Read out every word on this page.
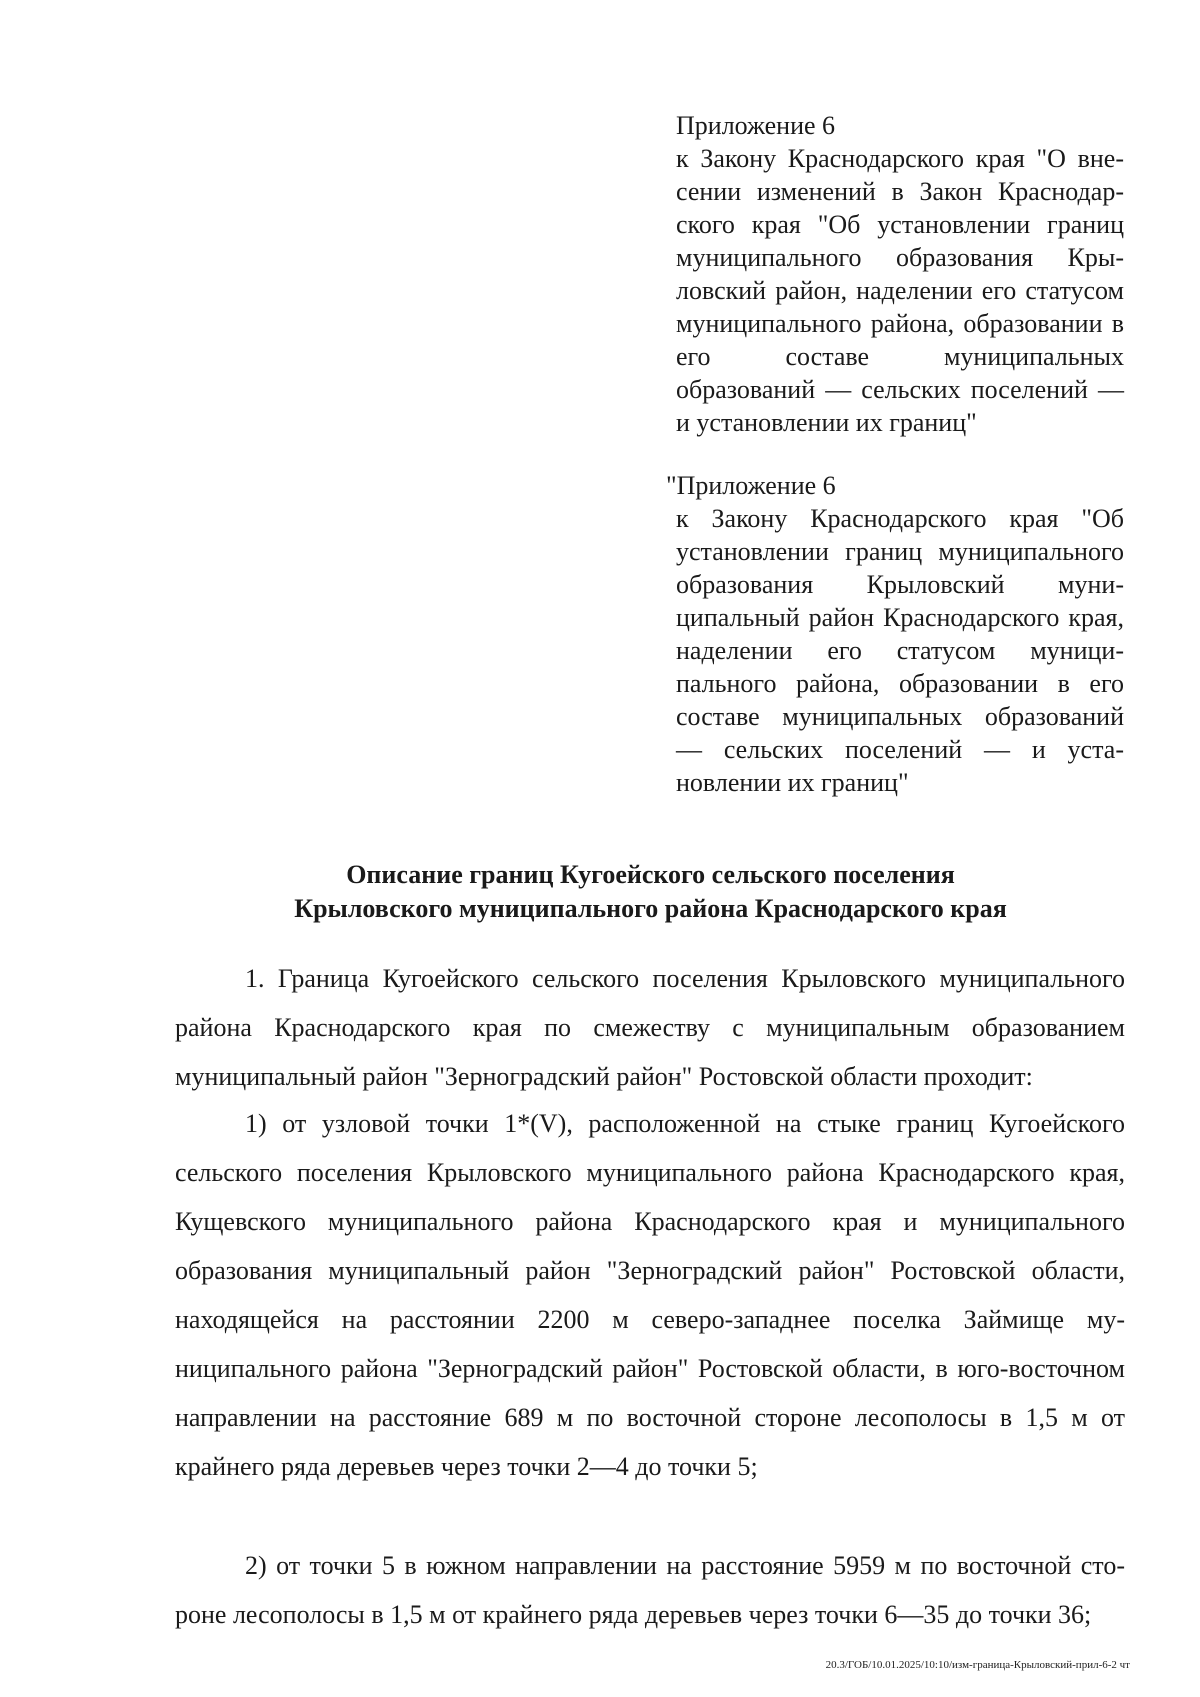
Приложение 6
к Закону Краснодарского края "О внесении изменений в Закон Краснодарского края "Об установлении границ муниципального образования Крыловский район, наделении его статусом муниципального района, образовании в его составе муниципальных образований — сельских поселений — и установлении их границ"
"Приложение 6
к Закону Краснодарского края "Об установлении границ муниципального образования Крыловский муниципальный район Краснодарского края, наделении его статусом муниципального района, образовании в его составе муниципальных образований — сельских поселений — и установлении их границ"
Описание границ Кугоейского сельского поселения
Крыловского муниципального района Краснодарского края

1. Граница Кугоейского сельского поселения Крыловского муниципального района Краснодарского края по смежеству с муниципальным образованием муниципальный район "Зерноградский район" Ростовской области проходит:

1) от узловой точки 1*(V), расположенной на стыке границ Кугоейского сельского поселения Крыловского муниципального района Краснодарского края, Кущевского муниципального района Краснодарского края и муниципального образования муниципальный район "Зерноградский район" Ростовской области, находящейся на расстоянии 2200 м северо-западнее поселка Займище муниципального района "Зерноградский район" Ростовской области, в юго-восточном направлении на расстояние 689 м по восточной стороне лесополосы в 1,5 м от крайнего ряда деревьев через точки 2—4 до точки 5;

2) от точки 5 в южном направлении на расстояние 5959 м по восточной стороне лесополосы в 1,5 м от крайнего ряда деревьев через точки 6—35 до точки 36;

20.3/ГОБ/10.01.2025/10:10/изм-граница-Крыловский-прил-6-2 чт
